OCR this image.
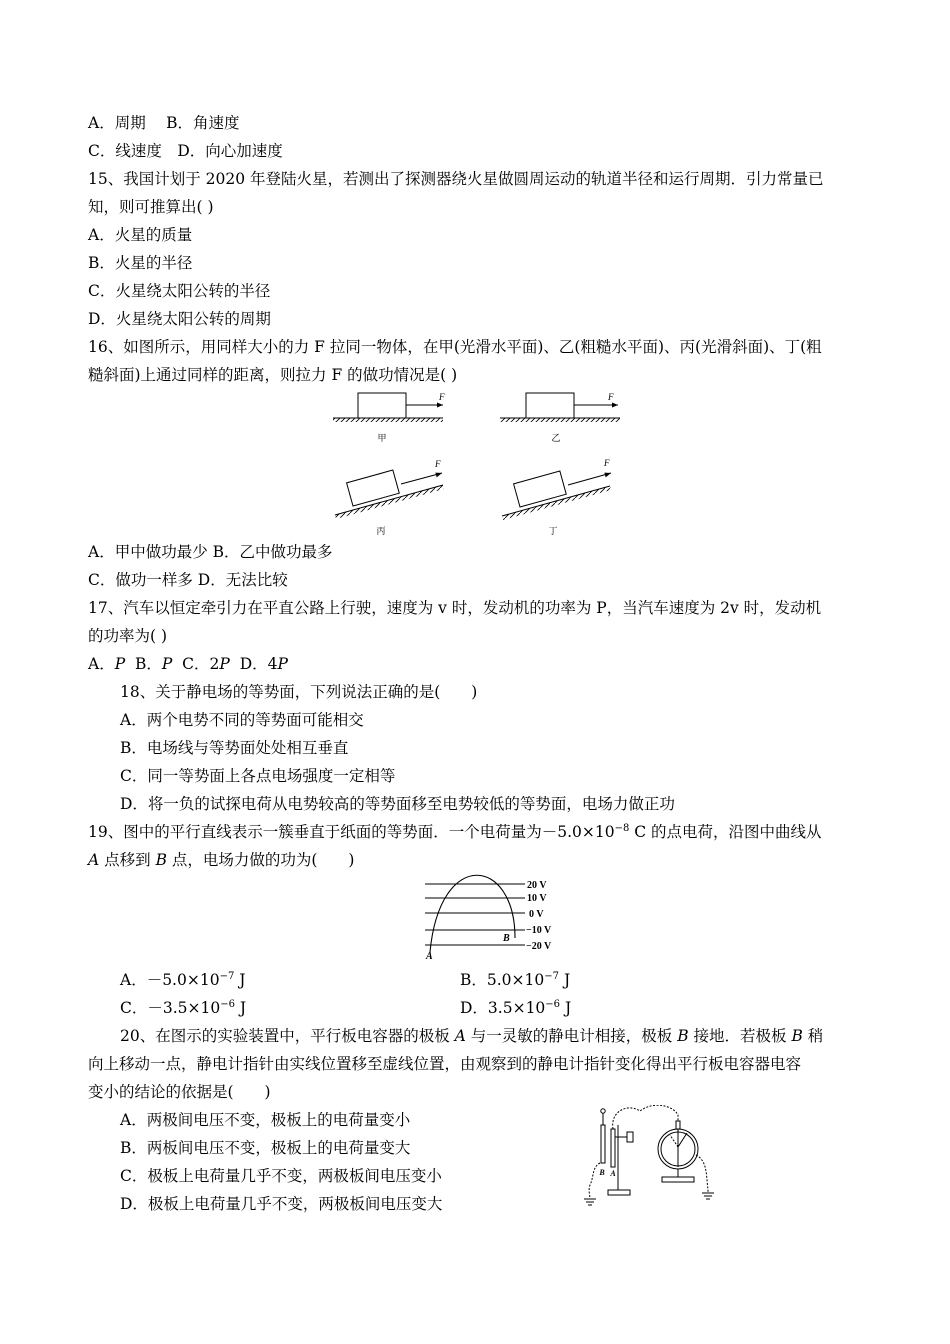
A．周期　 B．角速度
C．线速度　D．向心加速度
15、我国计划于 2020 年登陆火星，若测出了探测器绕火星做圆周运动的轨道半径和运行周期．引力常量已
知，则可推算出( )
A．火星的质量
B．火星的半径
C．火星绕太阳公转的半径
D．火星绕太阳公转的周期
16、如图所示，用同样大小的力 F 拉同一物体，在甲(光滑水平面)、乙(粗糙水平面)、丙(光滑斜面)、丁(粗
糙斜面)上通过同样的距离，则拉力 F 的做功情况是( )
F
甲
F
乙
F
丙
F
丁
A．甲中做功最少 B．乙中做功最多
C．做功一样多 D．无法比较
17、汽车以恒定牵引力在平直公路上行驶，速度为 v 时，发动机的功率为 P，当汽车速度为 2v 时，发动机
的功率为( )
A．P  B．P  C．2P  D．4P
18、关于静电场的等势面，下列说法正确的是(　　)
A．两个电势不同的等势面可能相交
B．电场线与等势面处处相互垂直
C．同一等势面上各点电场强度一定相等
D．将一负的试探电荷从电势较高的等势面移至电势较低的等势面，电场力做正功
19、图中的平行直线表示一簇垂直于纸面的等势面．一个电荷量为$-5.0\times 10^{-8}$ C 的点电荷，沿图中曲线从
A 点移到 B 点，电场力做的功为(　　)
20 V
10 V
0 V
−10 V
−20 V
A
B
A．$-5.0\times 10^{-7}$ J	B．$5.0\times 10^{-7}$ J
C．$-3.5\times 10^{-6}$ J	D．$3.5\times 10^{-6}$ J
20、在图示的实验装置中，平行板电容器的极板 A 与一灵敏的静电计相接，极板 B 接地．若极板 B 稍
向上移动一点，静电计指针由实线位置移至虚线位置，由观察到的静电计指针变化得出平行板电容器电容
变小的结论的依据是(　　)
A．两极间电压不变，极板上的电荷量变小
B．两板间电压不变，极板上的电荷量变大
C．极板上电荷量几乎不变，两极板间电压变小
D．极板上电荷量几乎不变，两极板间电压变大
B A
